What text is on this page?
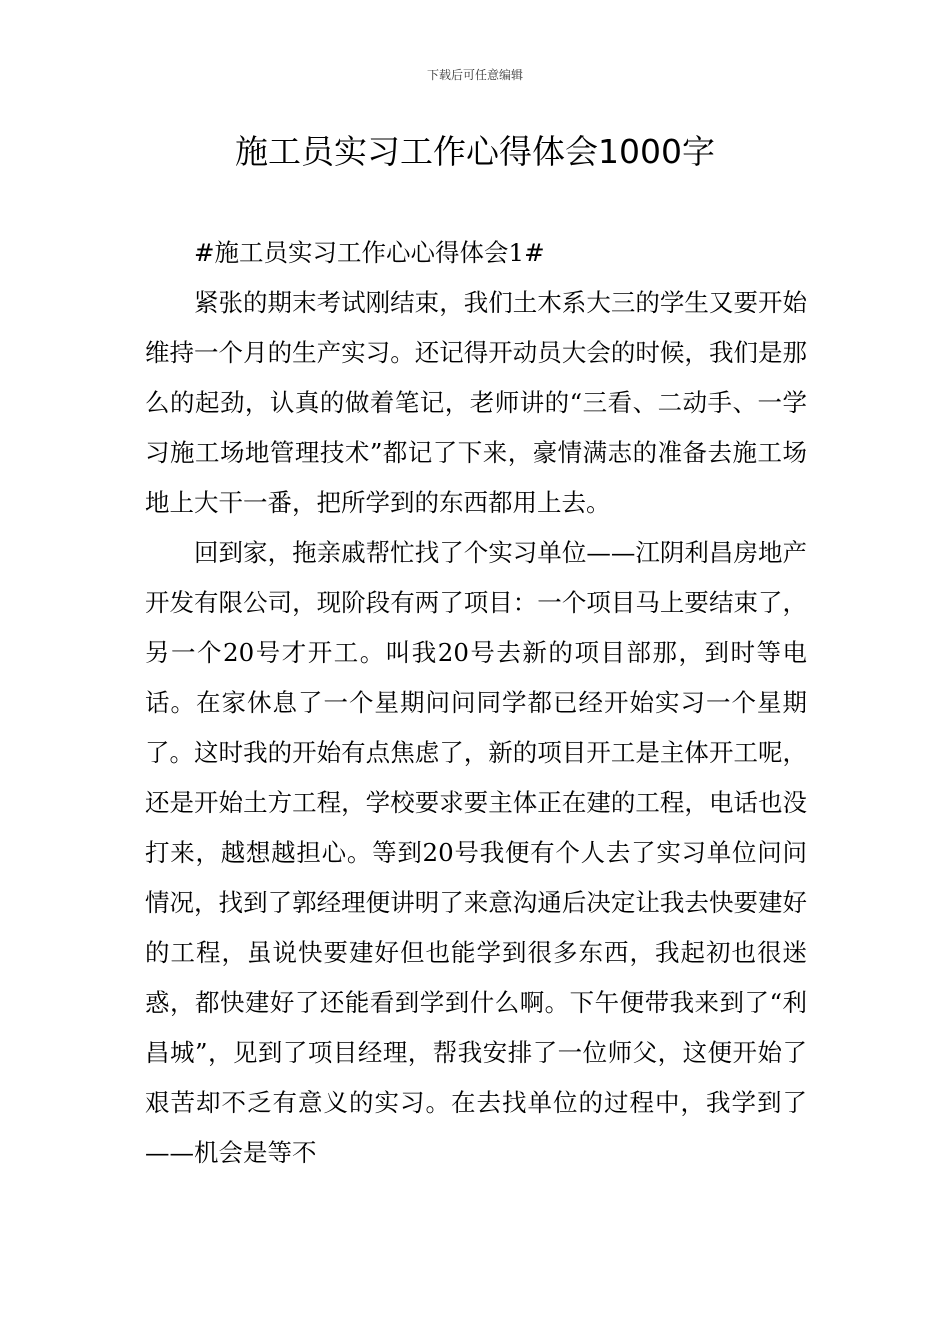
下载后可任意编辑
施工员实习工作心得体会1000字

#施工员实习工作心心得体会1#

紧张的期末考试刚结束，我们土木系大三的学生又要开始维持一个月的生产实习。还记得开动员大会的时候，我们是那么的起劲，认真的做着笔记，老师讲的“三看、二动手、一学习施工场地管理技术”都记了下来，豪情满志的准备去施工场地上大干一番，把所学到的东西都用上去。

回到家，拖亲戚帮忙找了个实习单位——江阴利昌房地产开发有限公司，现阶段有两了项目：一个项目马上要结束了，另一个20号才开工。叫我20号去新的项目部那，到时等电话。在家休息了一个星期问问同学都已经开始实习一个星期了。这时我的开始有点焦虑了，新的项目开工是主体开工呢，还是开始土方工程，学校要求要主体正在建的工程，电话也没打来，越想越担心。等到20号我便有个人去了实习单位问问情况，找到了郭经理便讲明了来意沟通后决定让我去快要建好的工程，虽说快要建好但也能学到很多东西，我起初也很迷惑，都快建好了还能看到学到什么啊。下午便带我来到了“利昌城”，见到了项目经理，帮我安排了一位师父，这便开始了艰苦却不乏有意义的实习。在去找单位的过程中，我学到了——机会是等不
